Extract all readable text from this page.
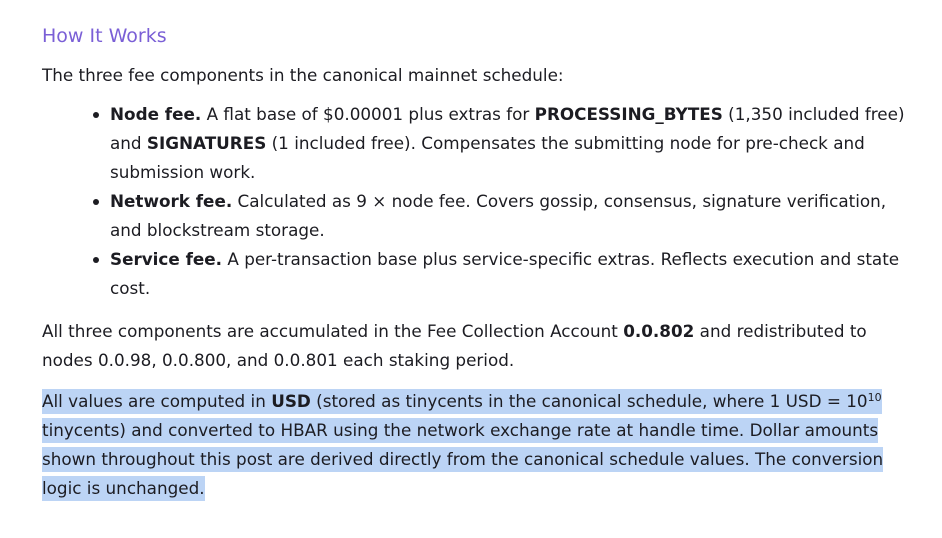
How It Works

The three fee components in the canonical mainnet schedule:

Node fee. A flat base of $0.00001 plus extras for PROCESSING_BYTES (1,350 included free) and SIGNATURES (1 included free). Compensates the submitting node for pre-check and submission work.
Network fee. Calculated as 9 × node fee. Covers gossip, consensus, signature verification, and blockstream storage.
Service fee. A per-transaction base plus service-specific extras. Reflects execution and state cost.

All three components are accumulated in the Fee Collection Account 0.0.802 and redistributed to nodes 0.0.98, 0.0.800, and 0.0.801 each staking period.

All values are computed in USD (stored as tinycents in the canonical schedule, where 1 USD = $10^{10}$ tinycents) and converted to HBAR using the network exchange rate at handle time. Dollar amounts shown throughout this post are derived directly from the canonical schedule values. The conversion logic is unchanged.
